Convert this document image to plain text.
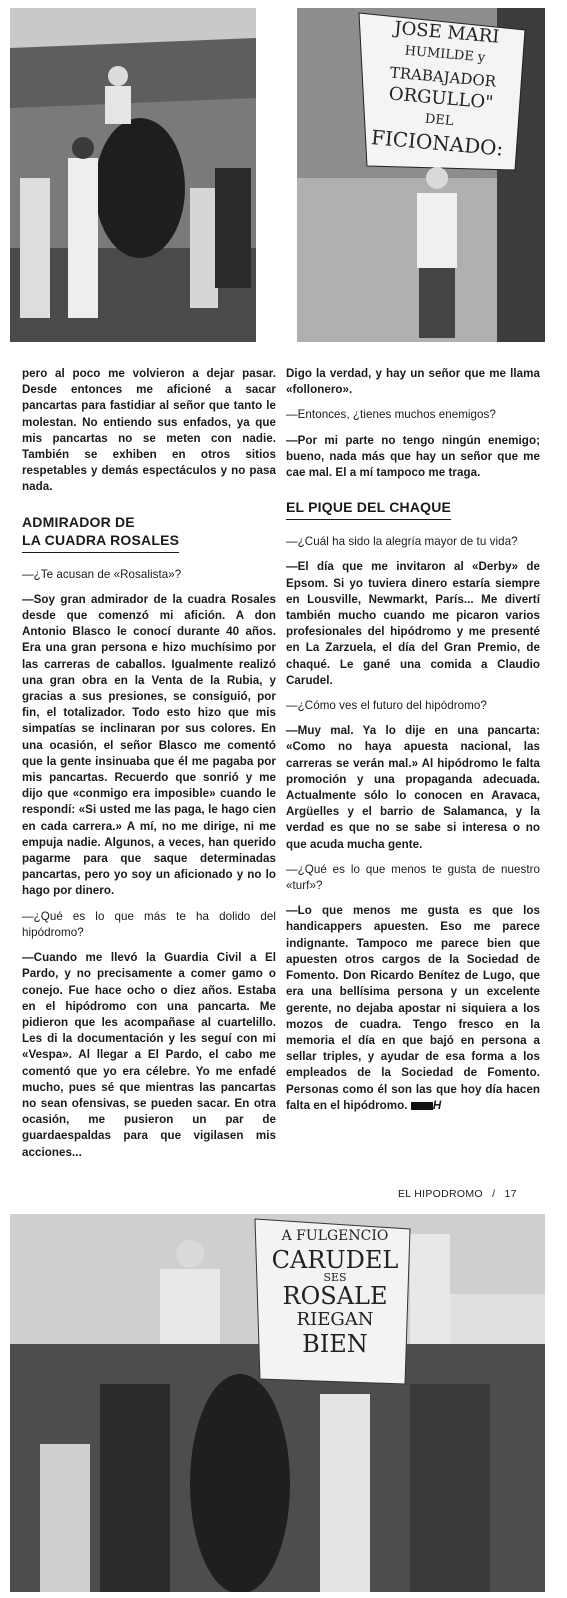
JOSE MARI
HUMILDE y
TRABAJADOR
ORGULLO"
DEL
FICIONADO:

pero al poco me volvieron a dejar pasar. Desde entonces me aficioné a sacar pancartas para fastidiar al señor que tanto le molestan. No entiendo sus enfados, ya que mis pancartas no se meten con nadie. También se exhiben en otros sitios respetables y demás espectáculos y no pasa nada.

ADMIRADOR DE
LA CUADRA ROSALES

—¿Te acusan de «Rosalista»?

—Soy gran admirador de la cuadra Rosales desde que comenzó mi afición. A don Antonio Blasco le conocí durante 40 años. Era una gran persona e hizo muchísimo por las carreras de caballos. Igualmente realizó una gran obra en la Venta de la Rubia, y gracias a sus presiones, se consiguió, por fin, el totalizador. Todo esto hizo que mis simpatías se inclinaran por sus colores. En una ocasión, el señor Blasco me comentó que la gente insinuaba que él me pagaba por mis pancartas. Recuerdo que sonrió y me dijo que «conmigo era imposible» cuando le respondí: «Si usted me las paga, le hago cien en cada carrera.» A mí, no me dirige, ni me empuja nadie. Algunos, a veces, han querido pagarme para que saque determinadas pancartas, pero yo soy un aficionado y no lo hago por dinero.

—¿Qué es lo que más te ha dolido del hipódromo?

—Cuando me llevó la Guardia Civil a El Pardo, y no precisamente a comer gamo o conejo. Fue hace ocho o diez años. Estaba en el hipódromo con una pancarta. Me pidieron que les acompañase al cuartelillo. Les di la documentación y les seguí con mi «Vespa». Al llegar a El Pardo, el cabo me comentó que yo era célebre. Yo me enfadé mucho, pues sé que mientras las pancartas no sean ofensivas, se pueden sacar. En otra ocasión, me pusieron un par de guardaespaldas para que vigilasen mis acciones...

Digo la verdad, y hay un señor que me llama «follonero».

—Entonces, ¿tienes muchos enemigos?

—Por mi parte no tengo ningún enemigo; bueno, nada más que hay un señor que me cae mal. El a mí tampoco me traga.

EL PIQUE DEL CHAQUE

—¿Cuál ha sido la alegría mayor de tu vida?

—El día que me invitaron al «Derby» de Epsom. Si yo tuviera dinero estaría siempre en Lousville, Newmarkt, París... Me divertí también mucho cuando me picaron varios profesionales del hipódromo y me presenté en La Zarzuela, el día del Gran Premio, de chaqué. Le gané una comida a Claudio Carudel.

—¿Cómo ves el futuro del hipódromo?

—Muy mal. Ya lo dije en una pancarta: «Como no haya apuesta nacional, las carreras se verán mal.» Al hipódromo le falta promoción y una propaganda adecuada. Actualmente sólo lo conocen en Aravaca, Argüelles y el barrio de Salamanca, y la verdad es que no se sabe si interesa o no que acuda mucha gente.

—¿Qué es lo que menos te gusta de nuestro «turf»?

—Lo que menos me gusta es que los handicappers apuesten. Eso me parece indignante. Tampoco me parece bien que apuesten otros cargos de la Sociedad de Fomento. Don Ricardo Benítez de Lugo, que era una bellísima persona y un excelente gerente, no dejaba apostar ni siquiera a los mozos de cuadra. Tengo fresco en la memoria el día en que bajó en persona a sellar triples, y ayudar de esa forma a los empleados de la Sociedad de Fomento. Personas como él son las que hoy día hacen falta en el hipódromo. H

EL HIPODROMO / 17
A FULGENCIO
CARUDEL
SES
ROSALE
RIEGAN
BIEN
